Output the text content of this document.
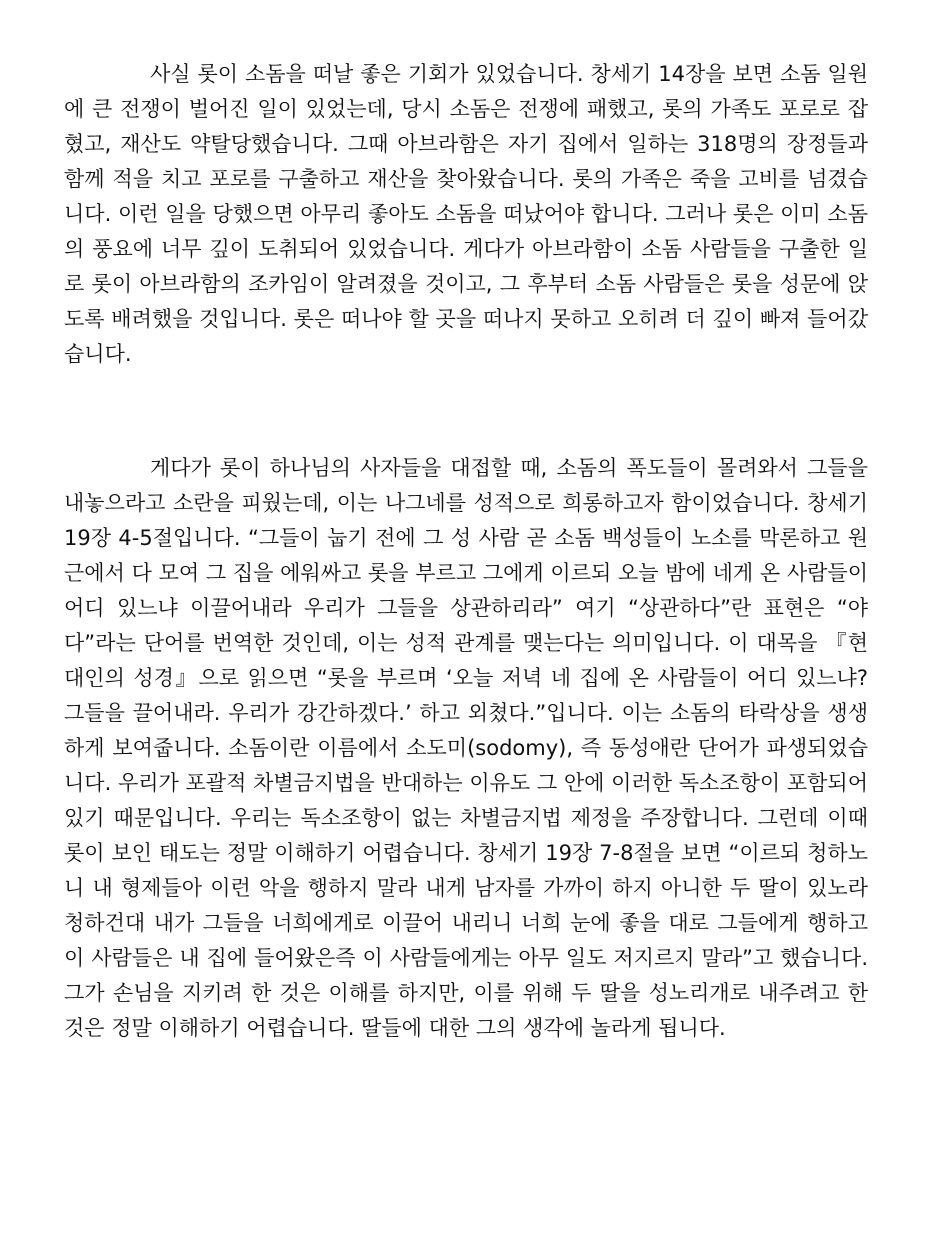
사실 롯이 소돔을 떠날 좋은 기회가 있었습니다. 창세기 14장을 보면 소돔 일원에 큰 전쟁이 벌어진 일이 있었는데, 당시 소돔은 전쟁에 패했고, 롯의 가족도 포로로 잡혔고, 재산도 약탈당했습니다. 그때 아브라함은 자기 집에서 일하는 318명의 장정들과 함께 적을 치고 포로를 구출하고 재산을 찾아왔습니다. 롯의 가족은 죽을 고비를 넘겼습니다. 이런 일을 당했으면 아무리 좋아도 소돔을 떠났어야 합니다. 그러나 롯은 이미 소돔의 풍요에 너무 깊이 도취되어 있었습니다. 게다가 아브라함이 소돔 사람들을 구출한 일로 롯이 아브라함의 조카임이 알려졌을 것이고, 그 후부터 소돔 사람들은 롯을 성문에 앉도록 배려했을 것입니다. 롯은 떠나야 할 곳을 떠나지 못하고 오히려 더 깊이 빠져 들어갔습니다.

게다가 롯이 하나님의 사자들을 대접할 때, 소돔의 폭도들이 몰려와서 그들을 내놓으라고 소란을 피웠는데, 이는 나그네를 성적으로 희롱하고자 함이었습니다. 창세기 19장 4-5절입니다. “그들이 눕기 전에 그 성 사람 곧 소돔 백성들이 노소를 막론하고 원근에서 다 모여 그 집을 에워싸고 롯을 부르고 그에게 이르되 오늘 밤에 네게 온 사람들이 어디 있느냐 이끌어내라 우리가 그들을 상관하리라” 여기 “상관하다”란 표현은 “야다”라는 단어를 번역한 것인데, 이는 성적 관계를 맺는다는 의미입니다. 이 대목을 『현대인의 성경』으로 읽으면 “롯을 부르며 ‘오늘 저녁 네 집에 온 사람들이 어디 있느냐? 그들을 끌어내라. 우리가 강간하겠다.’ 하고 외쳤다.”입니다. 이는 소돔의 타락상을 생생하게 보여줍니다. 소돔이란 이름에서 소도미(sodomy), 즉 동성애란 단어가 파생되었습니다. 우리가 포괄적 차별금지법을 반대하는 이유도 그 안에 이러한 독소조항이 포함되어 있기 때문입니다. 우리는 독소조항이 없는 차별금지법 제정을 주장합니다. 그런데 이때 롯이 보인 태도는 정말 이해하기 어렵습니다. 창세기 19장 7-8절을 보면 “이르되 청하노니 내 형제들아 이런 악을 행하지 말라 내게 남자를 가까이 하지 아니한 두 딸이 있노라 청하건대 내가 그들을 너희에게로 이끌어 내리니 너희 눈에 좋을 대로 그들에게 행하고 이 사람들은 내 집에 들어왔은즉 이 사람들에게는 아무 일도 저지르지 말라”고 했습니다. 그가 손님을 지키려 한 것은 이해를 하지만, 이를 위해 두 딸을 성노리개로 내주려고 한 것은 정말 이해하기 어렵습니다. 딸들에 대한 그의 생각에 놀라게 됩니다.
